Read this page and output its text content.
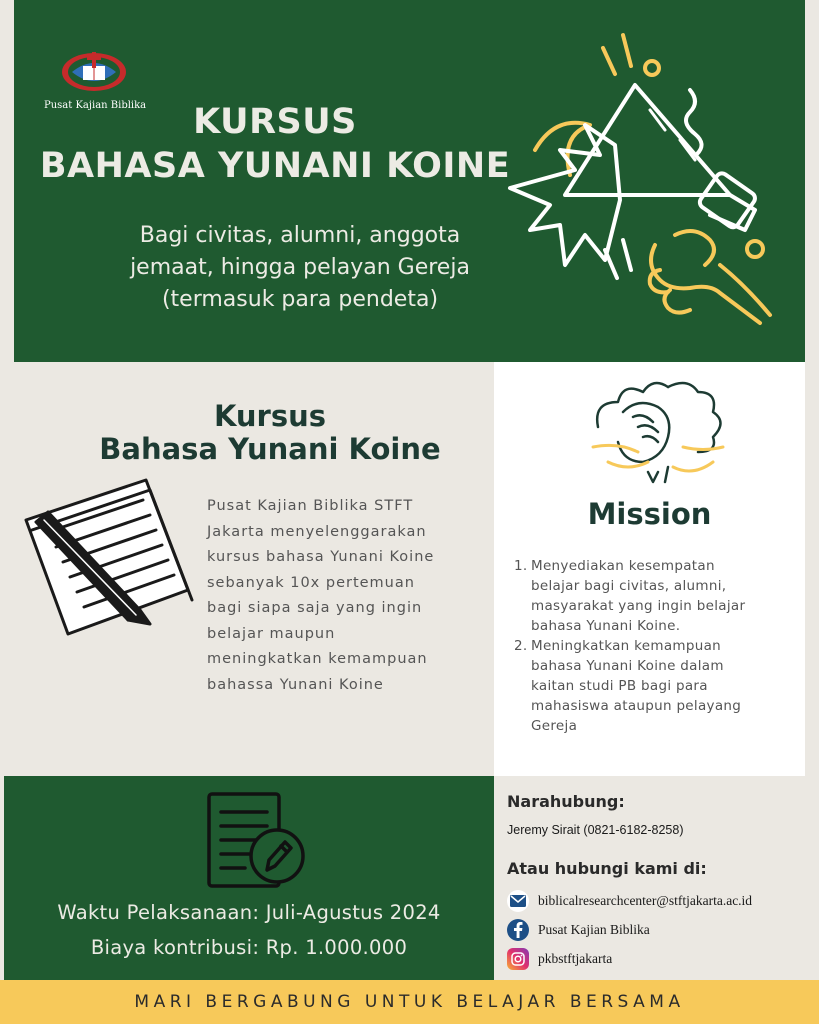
Pusat Kajian Biblika	KURSUS
BAHASA YUNANI KOINE
Bagi civitas, alumni, anggota
jemaat, hingga pelayan Gereja
(termasuk para pendeta)
Kursus
Bahasa Yunani Koine
Pusat Kajian Biblika STFT
Jakarta menyelenggarakan
kursus bahasa Yunani Koine
sebanyak 10x pertemuan
bagi siapa saja yang ingin
belajar maupun
meningkatkan kemampuan
bahassa Yunani Koine
Mission
1. Menyediakan kesempatan
belajar bagi civitas, alumni,
masyarakat yang ingin belajar
bahasa Yunani Koine.
2. Meningkatkan kemampuan
bahasa Yunani Koine dalam
kaitan studi PB bagi para
mahasiswa ataupun pelayang
Gereja
Waktu Pelaksanaan: Juli-Agustus 2024
Biaya kontribusi: Rp. 1.000.000
Narahubung:
Jeremy Sirait (0821-6182-8258)
Atau hubungi kami di:
biblicalresearchcenter@stftjakarta.ac.id
Pusat Kajian Biblika
pkbstftjakarta
MARI BERGABUNG UNTUK BELAJAR BERSAMA
